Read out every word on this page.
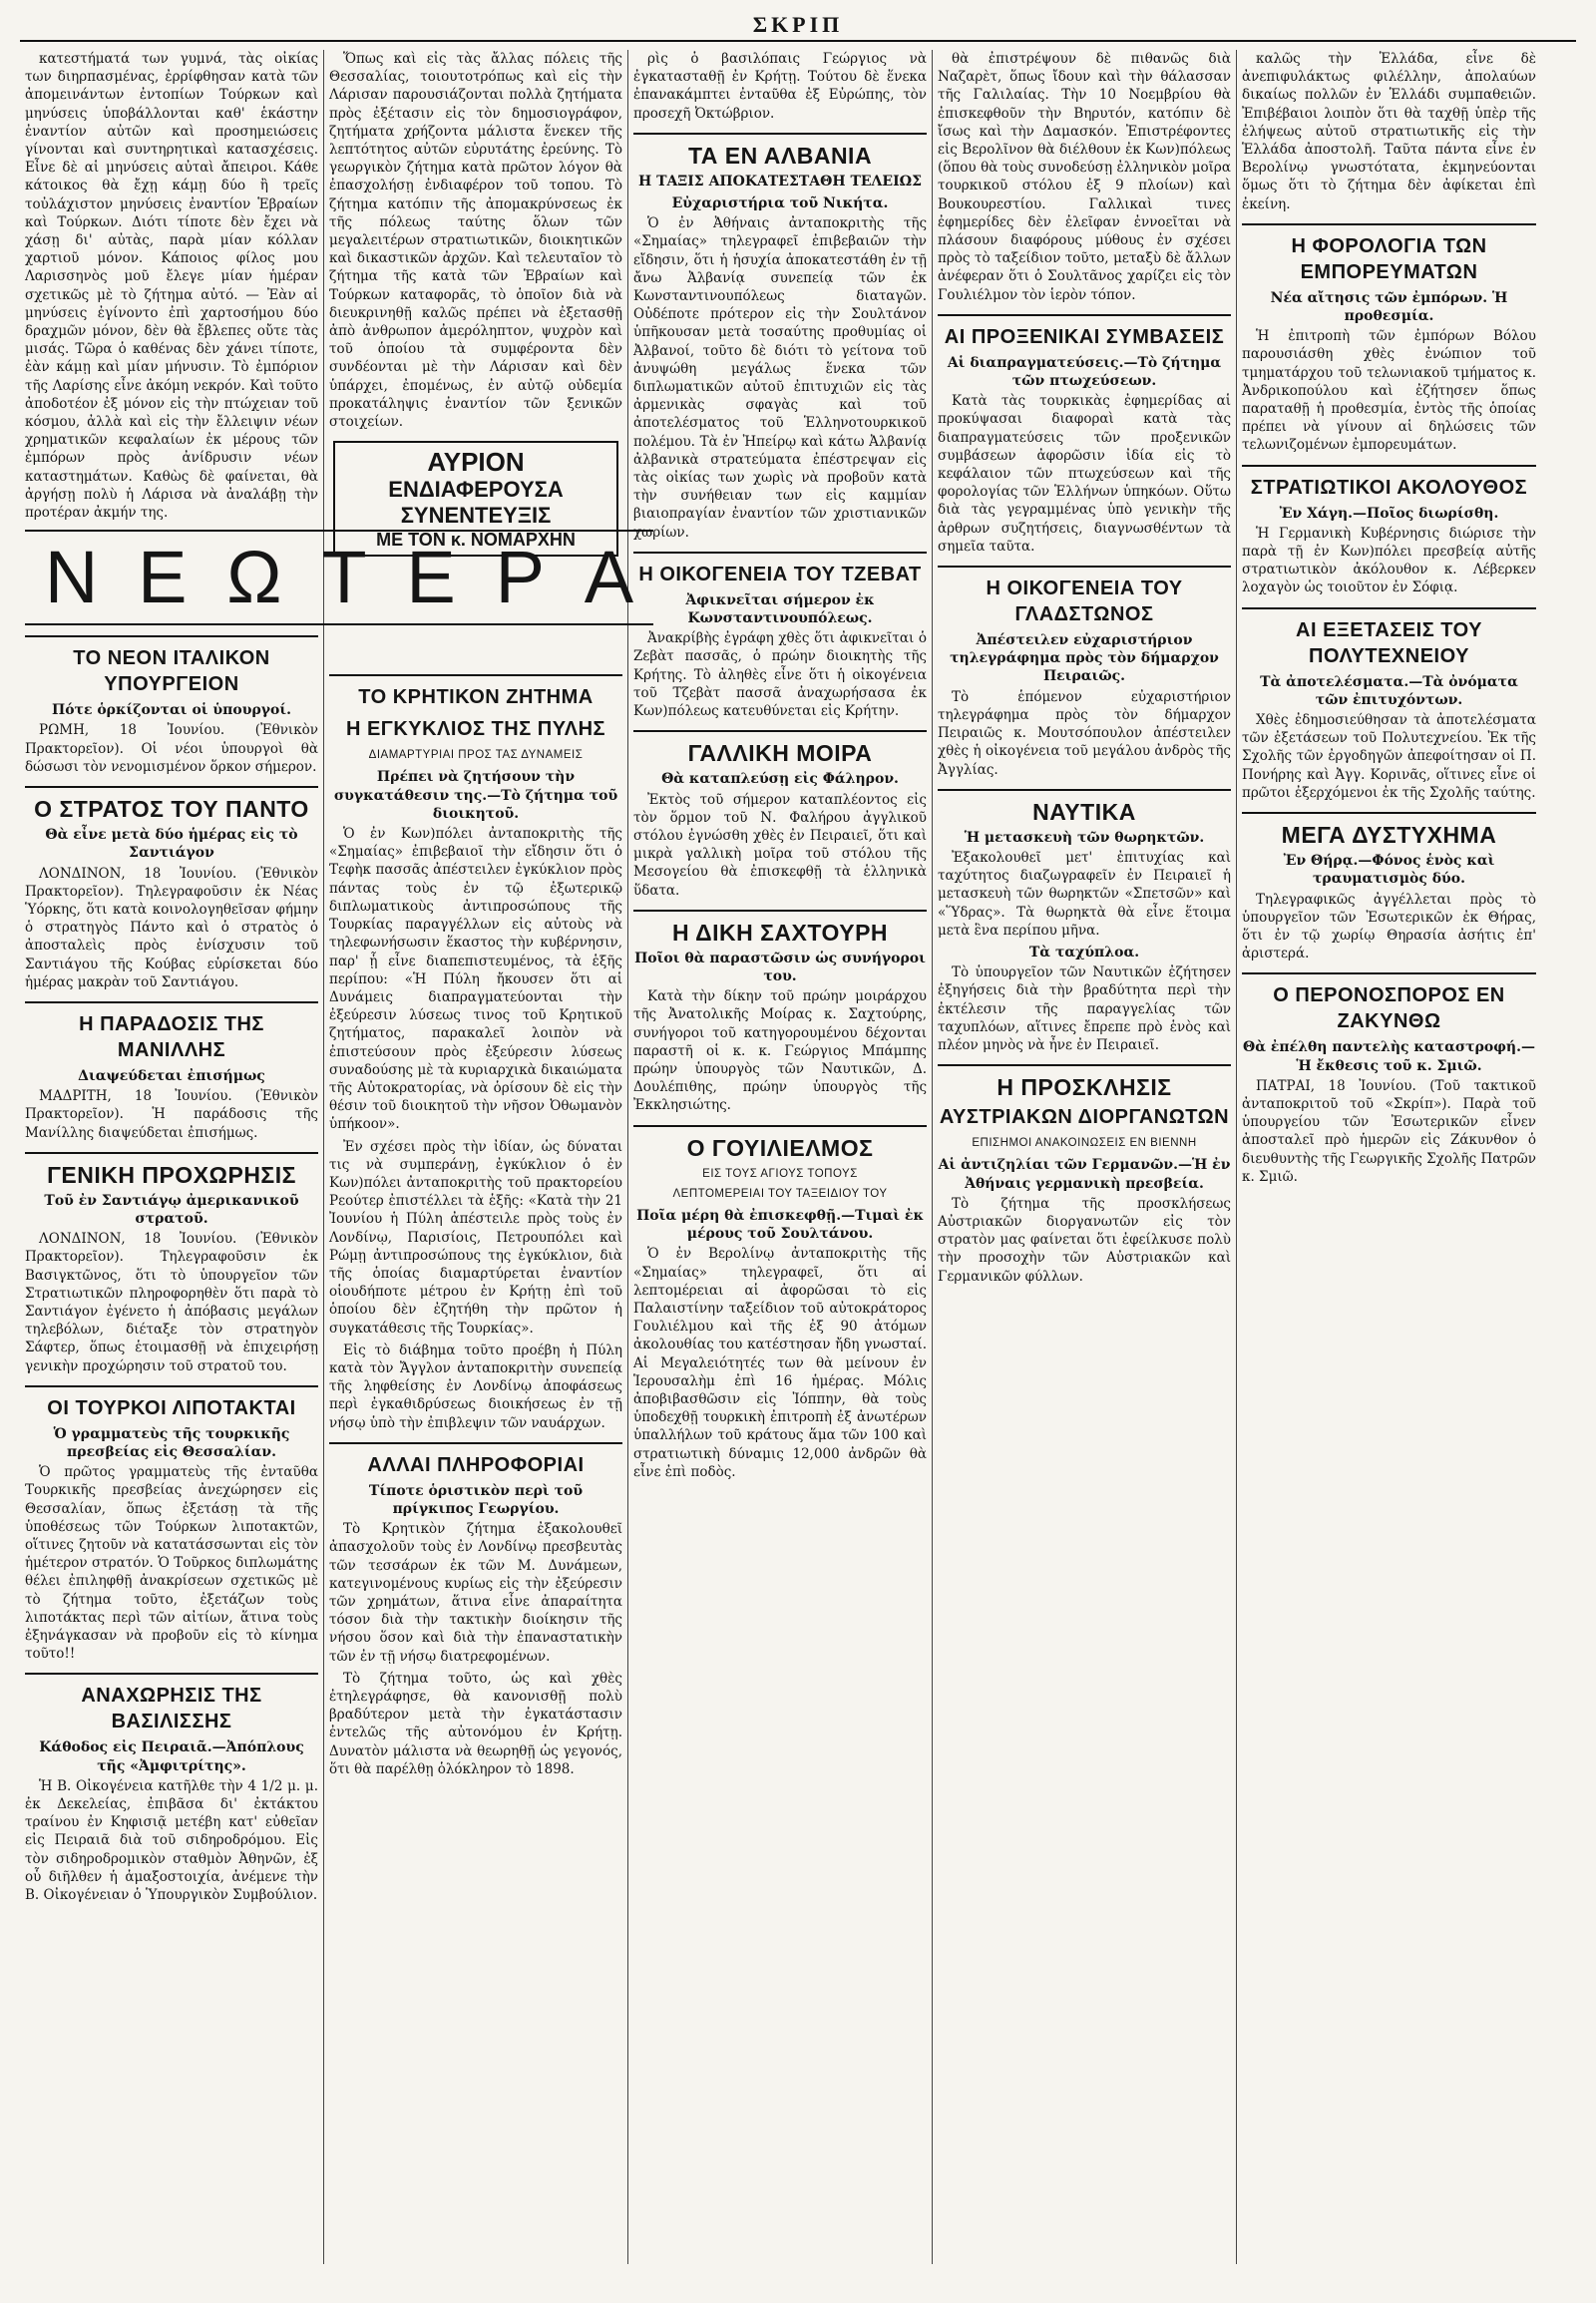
ΣΚΡΙΠ

κατεστήματά των γυμνά, τὰς οἰκίας των διηρπασμένας, ἐρρίφθησαν κατὰ τῶν ἀπομεινάντων ἐντοπίων Τούρκων καὶ μηνύσεις ὑποβάλλονται καθ' ἑκάστην ἐναντίον αὐτῶν καὶ προσημειώσεις γίνονται καὶ συντηρητικαὶ κατασχέσεις. Εἶνε δὲ αἱ μηνύσεις αὐταὶ ἄπειροι. Κάθε κάτοικος θὰ ἔχῃ κάμῃ δύο ἢ τρεῖς τοὐλάχιστον μηνύσεις ἐναντίον Ἑβραίων καὶ Τούρκων. Διότι τίποτε δὲν ἔχει νὰ χάσῃ δι' αὐτὰς, παρὰ μίαν κόλλαν χαρτιοῦ μόνον. Κάποιος φίλος μου Λαρισσηνὸς μοῦ ἔλεγε μίαν ἡμέραν σχετικῶς μὲ τὸ ζήτημα αὐτό. — Ἐὰν αἱ μηνύσεις ἐγίνοντο ἐπὶ χαρτοσήμου δύο δραχμῶν μόνον, δὲν θὰ ἔβλεπες οὔτε τὰς μισάς. Τῶρα ὁ καθένας δὲν χάνει τίποτε, ἐὰν κάμῃ καὶ μίαν μήνυσιν. Τὸ ἐμπόριον τῆς Λαρίσης εἶνε ἀκόμη νεκρόν. Καὶ τοῦτο ἀποδοτέον ἐξ μόνον εἰς τὴν πτώχειαν τοῦ κόσμου, ἀλλὰ καὶ εἰς τὴν ἔλλειψιν νέων χρηματικῶν κεφαλαίων ἐκ μέρους τῶν ἐμπόρων πρὸς ἀνίδρυσιν νέων καταστημάτων. Καθὼς δὲ φαίνεται, θὰ ἀργήσῃ πολὺ ἡ Λάρισα νὰ ἀναλάβῃ τὴν προτέραν ἀκμήν της.

Ν Ε Ω Τ Ε Ρ Α
ΤΟ ΝΕΟΝ ΙΤΑΛΙΚΟΝ ΥΠΟΥΡΓΕΙΟΝ
Πότε ὁρκίζονται οἱ ὑπουργοί.

ΡΩΜΗ, 18 Ἰουνίου. (Ἐθνικὸν Πρακτορεῖον). Οἱ νέοι ὑπουργοὶ θὰ δώσωσι τὸν νενομισμένον ὅρκον σήμερον.

Ο ΣΤΡΑΤΟΣ ΤΟΥ ΠΑΝΤΟ
Θὰ εἶνε μετὰ δύο ἡμέρας εἰς τὸ Σαντιάγον

ΛΟΝΔΙΝΟΝ, 18 Ἰουνίου. (Ἐθνικὸν Πρακτορεῖον). Τηλεγραφοῦσιν ἐκ Νέας Ὑόρκης, ὅτι κατὰ κοινολογηθεῖσαν φήμην ὁ στρατηγὸς Πάντο καὶ ὁ στρατὸς ὁ ἀποσταλεὶς πρὸς ἐνίσχυσιν τοῦ Σαντιάγου τῆς Κούβας εὑρίσκεται δύο ἡμέρας μακρὰν τοῦ Σαντιάγου.

Η ΠΑΡΑΔΟΣΙΣ ΤΗΣ ΜΑΝΙΛΛΗΣ
Διαψεύδεται ἐπισήμως

ΜΑΔΡΙΤΗ, 18 Ἰουνίου. (Ἐθνικὸν Πρακτορεῖον). Ἡ παράδοσις τῆς Μανίλλης διαψεύδεται ἐπισήμως.

ΓΕΝΙΚΗ ΠΡΟΧΩΡΗΣΙΣ
Τοῦ ἐν Σαντιάγῳ ἀμερικανικοῦ στρατοῦ.

ΛΟΝΔΙΝΟΝ, 18 Ἰουνίου. (Ἐθνικὸν Πρακτορεῖον). Τηλεγραφοῦσιν ἐκ Βασιγκτῶνος, ὅτι τὸ ὑπουργεῖον τῶν Στρατιωτικῶν πληροφορηθὲν ὅτι παρὰ τὸ Σαντιάγον ἐγένετο ἡ ἀπόβασις μεγάλων τηλεβόλων, διέταξε τὸν στρατηγὸν Σάφτερ, ὅπως ἑτοιμασθῇ νὰ ἐπιχειρήσῃ γενικὴν προχώρησιν τοῦ στρατοῦ του.

ΟΙ ΤΟΥΡΚΟΙ ΛΙΠΟΤΑΚΤΑΙ
Ὁ γραμματεὺς τῆς τουρκικῆς πρεσβείας εἰς Θεσσαλίαν.

Ὁ πρῶτος γραμματεὺς τῆς ἐνταῦθα Τουρκικῆς πρεσβείας ἀνεχώρησεν εἰς Θεσσαλίαν, ὅπως ἐξετάσῃ τὰ τῆς ὑποθέσεως τῶν Τούρκων λιποτακτῶν, οἵτινες ζητοῦν νὰ κατατάσσωνται εἰς τὸν ἡμέτερον στρατόν. Ὁ Τοῦρκος διπλωμάτης θέλει ἐπιληφθῇ ἀνακρίσεων σχετικῶς μὲ τὸ ζήτημα τοῦτο, ἐξετάζων τοὺς λιποτάκτας περὶ τῶν αἰτίων, ἅτινα τοὺς ἐξηνάγκασαν νὰ προβοῦν εἰς τὸ κίνημα τοῦτο!!

ΑΝΑΧΩΡΗΣΙΣ ΤΗΣ ΒΑΣΙΛΙΣΣΗΣ
Κάθοδος εἰς Πειραιᾶ.—Ἀπόπλους τῆς «Ἀμφιτρίτης».

Ἡ Β. Οἰκογένεια κατῆλθε τὴν 4 1/2 μ. μ. ἐκ Δεκελείας, ἐπιβᾶσα δι' ἐκτάκτου τραίνου ἐν Κηφισιᾷ μετέβη κατ' εὐθεῖαν εἰς Πειραιᾶ διὰ τοῦ σιδηροδρόμου. Εἰς τὸν σιδηροδρομικὸν σταθμὸν Ἀθηνῶν, ἐξ οὗ διῆλθεν ἡ ἁμαξοστοιχία, ἀνέμενε τὴν Β. Οἰκογένειαν ὁ Ὑπουργικὸν Συμβούλιον.

Ὅπως καὶ εἰς τὰς ἄλλας πόλεις τῆς Θεσσαλίας, τοιουτοτρόπως καὶ εἰς τὴν Λάρισαν παρουσιάζονται πολλὰ ζητήματα πρὸς ἐξέτασιν εἰς τὸν δημοσιογράφον, ζητήματα χρήζοντα μάλιστα ἕνεκεν τῆς λεπτότητος αὐτῶν εὐρυτάτης ἐρεύνης. Τὸ γεωργικὸν ζήτημα κατὰ πρῶτον λόγον θὰ ἐπασχολήσῃ ἐνδιαφέρον τοῦ τοπου. Τὸ ζήτημα κατόπιν τῆς ἀπομακρύνσεως ἐκ τῆς πόλεως ταύτης ὅλων τῶν μεγαλειτέρων στρατιωτικῶν, διοικητικῶν καὶ δικαστικῶν ἀρχῶν. Καὶ τελευταῖον τὸ ζήτημα τῆς κατὰ τῶν Ἑβραίων καὶ Τούρκων καταφορᾶς, τὸ ὁποῖον διὰ νὰ διευκρινηθῇ καλῶς πρέπει νὰ ἐξετασθῇ ἀπὸ ἀνθρωπον ἀμερόληπτον, ψυχρὸν καὶ τοῦ ὁποίου τὰ συμφέροντα δὲν συνδέονται μὲ τὴν Λάρισαν καὶ δὲν ὑπάρχει, ἐπομένως, ἐν αὐτῷ οὐδεμία προκατάληψις ἐναντίον τῶν ξενικῶν στοιχείων.

ΑΥΡΙΟΝ
ΕΝΔΙΑΦΕΡΟΥΣΑ ΣΥΝΕΝΤΕΥΞΙΣ
ΜΕ ΤΟΝ κ. ΝΟΜΑΡΧΗΝ
ΤΟ ΚΡΗΤΙΚΟΝ ΖΗΤΗΜΑ
Η ΕΓΚΥΚΛΙΟΣ ΤΗΣ ΠΥΛΗΣ
ΔΙΑΜΑΡΤΥΡΙΑΙ ΠΡΟΣ ΤΑΣ ΔΥΝΑΜΕΙΣ
Πρέπει νὰ ζητήσουν τὴν συγκατάθεσιν της.—Τὸ ζήτημα τοῦ διοικητοῦ.

Ὁ ἐν Κων)πόλει ἀνταποκριτὴς τῆς «Σημαίας» ἐπιβεβαιοῖ τὴν εἴδησιν ὅτι ὁ Τεφὴκ πασσᾶς ἀπέστειλεν ἐγκύκλιον πρὸς πάντας τοὺς ἐν τῷ ἐξωτερικῷ διπλωματικοὺς ἀντιπροσώπους τῆς Τουρκίας παραγγέλλων εἰς αὐτοὺς νὰ τηλεφωνήσωσιν ἕκαστος τὴν κυβέρνησιν, παρ' ᾗ εἶνε διαπεπιστευμένος, τὰ ἑξῆς περίπου: «Ἡ Πύλη ἤκουσεν ὅτι αἱ Δυνάμεις διαπραγματεύονται τὴν ἐξεύρεσιν λύσεως τινος τοῦ Κρητικοῦ ζητήματος, παρακαλεῖ λοιπὸν νὰ ἐπιστεύσουν πρὸς ἐξεύρεσιν λύσεως συναδούσης μὲ τὰ κυριαρχικὰ δικαιώματα τῆς Αὐτοκρατορίας, νὰ ὁρίσουν δὲ εἰς τὴν θέσιν τοῦ διοικητοῦ τὴν νῆσον Ὀθωμανὸν ὑπήκοον».

Ἐν σχέσει πρὸς τὴν ἰδίαν, ὡς δύναται τις νὰ συμπεράνῃ, ἐγκύκλιον ὁ ἐν Κων)πόλει ἀνταποκριτὴς τοῦ πρακτορείου Ρεούτερ ἐπιστέλλει τὰ ἑξῆς: «Κατὰ τὴν 21 Ἰουνίου ἡ Πύλη ἀπέστειλε πρὸς τοὺς ἐν Λονδίνῳ, Παρισίοις, Πετρουπόλει καὶ Ρώμῃ ἀντιπροσώπους της ἐγκύκλιον, διὰ τῆς ὁποίας διαμαρτύρεται ἐναντίον οἱουδήποτε μέτρου ἐν Κρήτῃ ἐπὶ τοῦ ὁποίου δὲν ἐζητήθη τὴν πρῶτον ἡ συγκατάθεσις τῆς Τουρκίας».

Εἰς τὸ διάβημα τοῦτο προέβη ἡ Πύλη κατὰ τὸν Ἄγγλον ἀνταποκριτὴν συνεπείᾳ τῆς ληφθείσης ἐν Λονδίνῳ ἀποφάσεως περὶ ἐγκαθιδρύσεως διοικήσεως ἐν τῇ νήσῳ ὑπὸ τὴν ἐπιβλεψιν τῶν ναυάρχων.

ΑΛΛΑΙ ΠΛΗΡΟΦΟΡΙΑΙ
Τίποτε ὁριστικὸν περὶ τοῦ πρίγκιπος Γεωργίου.

Τὸ Κρητικὸν ζήτημα ἐξακολουθεῖ ἀπασχολοῦν τοὺς ἐν Λονδίνῳ πρεσβευτὰς τῶν τεσσάρων ἐκ τῶν Μ. Δυνάμεων, κατεγινομένους κυρίως εἰς τὴν ἐξεύρεσιν τῶν χρημάτων, ἅτινα εἶνε ἀπαραίτητα τόσον διὰ τὴν τακτικὴν διοίκησιν τῆς νήσου ὅσον καὶ διὰ τὴν ἐπαναστατικὴν τῶν ἐν τῇ νήσῳ διατρεφομένων.

Τὸ ζήτημα τοῦτο, ὡς καὶ χθὲς ἐτηλεγράφησε, θὰ κανονισθῇ πολὺ βραδύτερον μετὰ τὴν ἐγκατάστασιν ἐντελῶς τῆς αὐτονόμου ἐν Κρήτῃ. Δυνατὸν μάλιστα νὰ θεωρηθῇ ὡς γεγονός, ὅτι θὰ παρέλθῃ ὁλόκληρον τὸ 1898.

ρὶς ὁ βασιλόπαις Γεώργιος νὰ ἐγκατασταθῇ ἐν Κρήτῃ. Τούτου δὲ ἕνεκα ἐπανακάμπτει ἐνταῦθα ἐξ Εὐρώπης, τὸν προσεχῆ Ὀκτώβριον.

ΤΑ ΕΝ ΑΛΒΑΝΙΑ
Η ΤΑΞΙΣ ΑΠΟΚΑΤΕΣΤΑΘΗ ΤΕΛΕΙΩΣ
Εὐχαριστήρια τοῦ Νικήτα.

Ὁ ἐν Ἀθήναις ἀνταποκριτὴς τῆς «Σημαίας» τηλεγραφεῖ ἐπιβεβαιῶν τὴν εἴδησιν, ὅτι ἡ ἡσυχία ἀποκατεστάθη ἐν τῇ ἄνω Ἀλβανίᾳ συνεπείᾳ τῶν ἐκ Κωνσταντινουπόλεως διαταγῶν. Οὐδέποτε πρότερον εἰς τὴν Σουλτάνον ὑπῆκουσαν μετὰ τοσαύτης προθυμίας οἱ Ἀλβανοί, τοῦτο δὲ διότι τὸ γείτονα τοῦ ἀνυψώθη μεγάλως ἕνεκα τῶν διπλωματικῶν αὐτοῦ ἐπιτυχιῶν εἰς τὰς ἀρμενικὰς σφαγὰς καὶ τοῦ ἀποτελέσματος τοῦ Ἑλληνοτουρκικοῦ πολέμου. Τὰ ἐν Ἠπείρῳ καὶ κάτω Ἀλβανίᾳ ἀλβανικὰ στρατεύματα ἐπέστρεψαν εἰς τὰς οἰκίας των χωρὶς νὰ προβοῦν κατὰ τὴν συνήθειαν των εἰς καμμίαν βιαιοπραγίαν ἐναντίον τῶν χριστιανικῶν χωρίων.

Η ΟΙΚΟΓΕΝΕΙΑ ΤΟΥ ΤΖΕΒΑΤ
Ἀφικνεῖται σήμερον ἐκ Κωνσταντινουπόλεως.

Ἀνακρίβὴς ἐγράφη χθὲς ὅτι ἀφικνεῖται ὁ Ζεβὰτ πασσᾶς, ὁ πρώην διοικητὴς τῆς Κρήτης. Τὸ ἀληθὲς εἶνε ὅτι ἡ οἰκογένεια τοῦ Τζεβὰτ πασσᾶ ἀναχωρήσασα ἐκ Κων)πόλεως κατευθύνεται εἰς Κρήτην.

ΓΑΛΛΙΚΗ ΜΟΙΡΑ
Θὰ καταπλεύσῃ εἰς Φάληρον.

Ἐκτὸς τοῦ σήμερον καταπλέοντος εἰς τὸν ὅρμον τοῦ Ν. Φαλήρου ἀγγλικοῦ στόλου ἐγνώσθη χθὲς ἐν Πειραιεῖ, ὅτι καὶ μικρὰ γαλλικὴ μοῖρα τοῦ στόλου τῆς Μεσογείου θὰ ἐπισκεφθῇ τὰ ἑλληνικὰ ὕδατα.

Η ΔΙΚΗ ΣΑΧΤΟΥΡΗ
Ποῖοι θὰ παραστῶσιν ὡς συνήγοροι του.

Κατὰ τὴν δίκην τοῦ πρώην μοιράρχου τῆς Ἀνατολικῆς Μοίρας κ. Σαχτούρης, συνήγοροι τοῦ κατηγορουμένου δέχονται παραστῆ οἱ κ. κ. Γεώργιος Μπάμπης πρώην ὑπουργὸς τῶν Ναυτικῶν, Δ. Δουλέπιθης, πρώην ὑπουργὸς τῆς Ἐκκλησιώτης.

Ο ΓΟΥΙΛΙΕΛΜΟΣ
ΕΙΣ ΤΟΥΣ ΑΓΙΟΥΣ ΤΟΠΟΥΣ
ΛΕΠΤΟΜΕΡΕΙΑΙ ΤΟΥ ΤΑΞΕΙΔΙΟΥ ΤΟΥ
Ποῖα μέρη θὰ ἐπισκεφθῇ.—Τιμαὶ ἐκ μέρους τοῦ Σουλτάνου.

Ὁ ἐν Βερολίνῳ ἀνταποκριτὴς τῆς «Σημαίας» τηλεγραφεῖ, ὅτι αἱ λεπτομέρειαι αἱ ἀφορῶσαι τὸ εἰς Παλαιστίνην ταξείδιον τοῦ αὐτοκράτορος Γουλιέλμου καὶ τῆς ἐξ 90 ἀτόμων ἀκολουθίας του κατέστησαν ἤδη γνωσταί. Αἱ Μεγαλειότητές των θὰ μείνουν ἐν Ἱερουσαλὴμ ἐπὶ 16 ἡμέρας. Μόλις ἀποβιβασθῶσιν εἰς Ἰόππην, θὰ τοὺς ὑποδεχθῇ τουρκικὴ ἐπιτροπὴ ἐξ ἀνωτέρων ὑπαλλήλων τοῦ κράτους ἅμα τῶν 100 καὶ στρατιωτικὴ δύναμις 12,000 ἀνδρῶν θὰ εἶνε ἐπὶ ποδὸς.

θὰ ἐπιστρέψουν δὲ πιθανῶς διὰ Ναζαρὲτ, ὅπως ἴδουν καὶ τὴν θάλασσαν τῆς Γαλιλαίας. Τὴν 10 Νοεμβρίου θὰ ἐπισκεφθοῦν τὴν Βηρυτόν, κατόπιν δὲ ἴσως καὶ τὴν Δαμασκόν. Ἐπιστρέφοντες εἰς Βερολῖνον θὰ διέλθουν ἐκ Κων)πόλεως (ὅπου θὰ τοὺς συνοδεύσῃ ἐλληνικὸν μοῖρα τουρκικοῦ στόλου ἐξ 9 πλοίων) καὶ Βουκουρεστίου. Γαλλικαὶ τινες ἐφημερίδες δὲν ἐλεῖφαν ἐννοεῖται νὰ πλάσουν διαφόρους μύθους ἐν σχέσει πρὸς τὸ ταξείδιον τοῦτο, μεταξὺ δὲ ἄλλων ἀνέφεραν ὅτι ὁ Σουλτᾶνος χαρίζει εἰς τὸν Γουλιέλμον τὸν ἱερὸν τόπον.

ΑΙ ΠΡΟΞΕΝΙΚΑΙ ΣΥΜΒΑΣΕΙΣ
Αἱ διαπραγματεύσεις.—Τὸ ζήτημα τῶν πτωχεύσεων.

Κατὰ τὰς τουρκικὰς ἐφημερίδας αἱ προκύψασαι διαφοραὶ κατὰ τὰς διαπραγματεύσεις τῶν προξενικῶν συμβάσεων ἀφορῶσιν ἰδία εἰς τὸ κεφάλαιον τῶν πτωχεύσεων καὶ τῆς φορολογίας τῶν Ἑλλήνων ὑπηκόων. Οὕτω διὰ τὰς γεγραμμένας ὑπὸ γενικὴν τῆς ἀρθρων συζητήσεις, διαγνωσθέντων τὰ σημεῖα ταῦτα.

Η ΟΙΚΟΓΕΝΕΙΑ ΤΟΥ ΓΛΑΔΣΤΩΝΟΣ
Ἀπέστειλεν εὐχαριστήριον τηλεγράφημα πρὸς τὸν δήμαρχον Πειραιῶς.

Τὸ ἑπόμενον εὐχαριστήριον τηλεγράφημα πρὸς τὸν δήμαρχον Πειραιῶς κ. Μουτσόπουλον ἀπέστειλεν χθὲς ἡ οἰκογένεια τοῦ μεγάλου ἀνδρὸς τῆς Ἀγγλίας.

ΝΑΥΤΙΚΑ
Ἡ μετασκευὴ τῶν θωρηκτῶν.

Ἐξακολουθεῖ μετ' ἐπιτυχίας καὶ ταχύτητος διαζωγραφεῖν ἐν Πειραιεῖ ἡ μετασκευὴ τῶν θωρηκτῶν «Σπετσῶν» καὶ «Ὕδρας». Τὰ θωρηκτὰ θὰ εἶνε ἕτοιμα μετὰ ἓνα περίπου μῆνα.

Τὰ ταχύπλοα.

Τὸ ὑπουργεῖον τῶν Ναυτικῶν ἐζήτησεν ἐξηγήσεις διὰ τὴν βραδύτητα περὶ τὴν ἐκτέλεσιν τῆς παραγγελίας τῶν ταχυπλόων, αἵτινες ἔπρεπε πρὸ ἑνὸς καὶ πλέον μηνὸς νὰ ἦνε ἐν Πειραιεῖ.

Η ΠΡΟΣΚΛΗΣΙΣ
ΑΥΣΤΡΙΑΚΩΝ ΔΙΟΡΓΑΝΩΤΩΝ
ΕΠΙΣΗΜΟΙ ΑΝΑΚΟΙΝΩΣΕΙΣ ΕΝ ΒΙΕΝΝΗ
Αἱ ἀντιζηλίαι τῶν Γερμανῶν.—Ἡ ἐν Ἀθήναις γερμανικὴ πρεσβεία.

Τὸ ζήτημα τῆς προσκλήσεως Αὐστριακῶν διοργανωτῶν εἰς τὸν στρατὸν μας φαίνεται ὅτι ἐφείλκυσε πολὺ τὴν προσοχὴν τῶν Αὐστριακῶν καὶ Γερμανικῶν φύλλων.

καλῶς τὴν Ἑλλάδα, εἶνε δὲ ἀνεπιφυλάκτως φιλέλλην, ἀπολαύων δικαίως πολλῶν ἐν Ἑλλάδι συμπαθειῶν. Ἐπιβέβαιοι λοιπὸν ὅτι θὰ ταχθῇ ὑπὲρ τῆς ἐλήψεως αὐτοῦ στρατιωτικῆς εἰς τὴν Ἑλλάδα ἀποστολῆ. Ταῦτα πάντα εἶνε ἐν Βερολίνῳ γνωστότατα, ἐκμηνεύονται ὅμως ὅτι τὸ ζήτημα δὲν ἀφίκεται ἐπὶ ἐκείνη.

Η ΦΟΡΟΛΟΓΙΑ ΤΩΝ ΕΜΠΟΡΕΥΜΑΤΩΝ
Νέα αἴτησις τῶν ἐμπόρων. Ἡ προθεσμία.

Ἡ ἐπιτροπὴ τῶν ἐμπόρων Βόλου παρουσιάσθη χθὲς ἐνώπιον τοῦ τμηματάρχου τοῦ τελωνιακοῦ τμήματος κ. Ἀνδρικοπούλου καὶ ἐζήτησεν ὅπως παραταθῇ ἡ προθεσμία, ἐντὸς τῆς ὁποίας πρέπει νὰ γίνουν αἱ δηλώσεις τῶν τελωνιζομένων ἐμπορευμάτων.

ΣΤΡΑΤΙΩΤΙΚΟΙ ΑΚΟΛΟΥΘΟΣ
Ἐν Χάγη.—Ποῖος διωρίσθη.

Ἡ Γερμανικὴ Κυβέρνησις διώρισε τὴν παρὰ τῇ ἐν Κων)πόλει πρεσβείᾳ αὐτῆς στρατιωτικὸν ἀκόλουθον κ. Λέβερκεν λοχαγὸν ὡς τοιοῦτον ἐν Σόφιᾳ.

ΑΙ ΕΞΕΤΑΣΕΙΣ ΤΟΥ ΠΟΛΥΤΕΧΝΕΙΟΥ
Τὰ ἀποτελέσματα.—Τὰ ὀνόματα τῶν ἐπιτυχόντων.

Χθὲς ἐδημοσιεύθησαν τὰ ἀποτελέσματα τῶν ἐξετάσεων τοῦ Πολυτεχνείου. Ἐκ τῆς Σχολῆς τῶν ἐργοδηγῶν ἀπεφοίτησαν οἱ Π. Πονήρης καὶ Ἀγγ. Κορινᾶς, οἵτινες εἶνε οἱ πρῶτοι ἐξερχόμενοι ἐκ τῆς Σχολῆς ταύτης.

ΜΕΓΑ ΔΥΣΤΥΧΗΜΑ
Ἐν Θήρᾳ.—Φόνος ἑνὸς καὶ τραυματισμὸς δύο.

Τηλεγραφικῶς ἀγγέλλεται πρὸς τὸ ὑπουργεῖον τῶν Ἐσωτερικῶν ἐκ Θήρας, ὅτι ἐν τῷ χωρίῳ Θηρασία ἀσήτις ἐπ' ἀριστερά.

Ο ΠΕΡΟΝΟΣΠΟΡΟΣ ΕΝ ΖΑΚΥΝΘΩ
Θὰ ἐπέλθη παντελὴς καταστροφή.—Ἡ ἔκθεσις τοῦ κ. Σμιῶ.

ΠΑΤΡΑΙ, 18 Ἰουνίου. (Τοῦ τακτικοῦ ἀνταποκριτοῦ τοῦ «Σκρίπ»). Παρὰ τοῦ ὑπουργείου τῶν Ἐσωτερικῶν εἶνεν ἀποσταλεῖ πρὸ ἡμερῶν εἰς Ζάκυνθον ὁ διευθυντὴς τῆς Γεωργικῆς Σχολῆς Πατρῶν κ. Σμιῶ.
